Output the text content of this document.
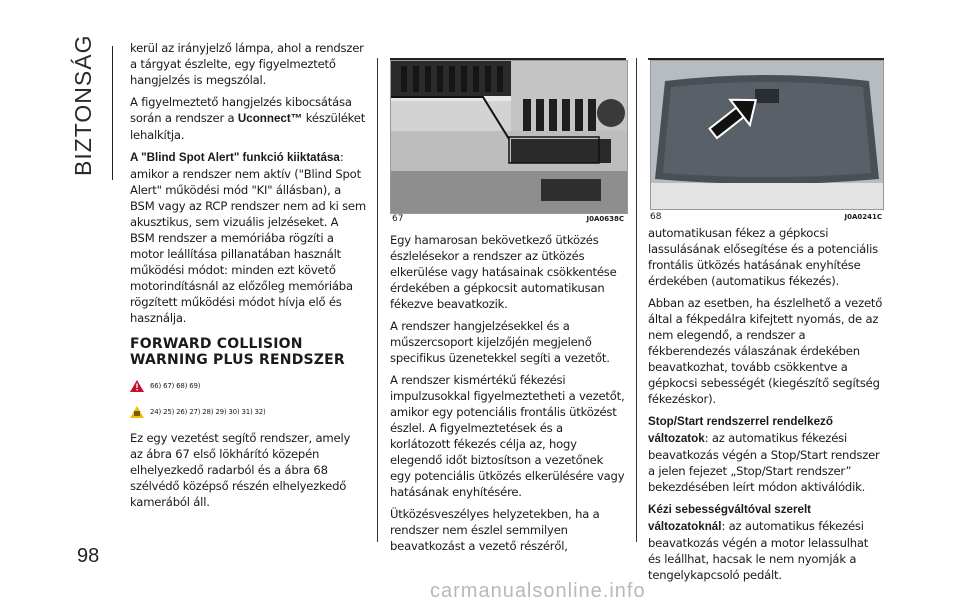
BIZTONSÁG
98

kerül az irányjelző lámpa, ahol a rendszer a tárgyat észlelte, egy figyelmeztető hangjelzés is megszólal.

A figyelmeztető hangjelzés kibocsátása során a rendszer a Uconnect™ készüléket lehalkítja.

A "Blind Spot Alert" funkció kiiktatása: amikor a rendszer nem aktív ("Blind Spot Alert" működési mód "KI" állásban), a BSM vagy az RCP rendszer nem ad ki sem akusztikus, sem vizuális jelzéseket. A BSM rendszer a memóriába rögzíti a motor leállítása pillanatában használt működési módot: minden ezt követő motorindításnál az előzőleg memóriába rögzített működési módot hívja elő és használja.

FORWARD COLLISION WARNING PLUS RENDSZER
66) 67) 68) 69)
24) 25) 26) 27) 28) 29) 30) 31) 32)

Ez egy vezetést segítő rendszer, amely az ábra 67 első lökhárító közepén elhelyezkedő radarból és a ábra 68 szélvédő középső részén elhelyezkedő kamerából áll.

67	J0A0638C	68	J0A0241C

Egy hamarosan bekövetkező ütközés észlelésekor a rendszer az ütközés elkerülése vagy hatásainak csökkentése érdekében a gépkocsit automatikusan fékezve beavatkozik.

A rendszer hangjelzésekkel és a műszercsoport kijelzőjén megjelenő specifikus üzenetekkel segíti a vezetőt.

A rendszer kismértékű fékezési impulzusokkal figyelmeztetheti a vezetőt, amikor egy potenciális frontális ütközést észlel. A figyelmeztetések és a korlátozott fékezés célja az, hogy elegendő időt biztosítson a vezetőnek egy potenciális ütközés elkerülésére vagy hatásának enyhítésére.

Ütközésveszélyes helyzetekben, ha a rendszer nem észlel semmilyen beavatkozást a vezető részéről,

automatikusan fékez a gépkocsi lassulásának elősegítése és a potenciális frontális ütközés hatásának enyhítése érdekében (automatikus fékezés).

Abban az esetben, ha észlelhető a vezető által a fékpedálra kifejtett nyomás, de az nem elegendő, a rendszer a fékberendezés válaszának érdekében beavatkozhat, tovább csökkentve a gépkocsi sebességét (kiegészítő segítség fékezéskor).

Stop/Start rendszerrel rendelkező változatok: az automatikus fékezési beavatkozás végén a Stop/Start rendszer a jelen fejezet „Stop/Start rendszer” bekezdésében leírt módon aktiválódik.

Kézi sebességváltóval szerelt változatoknál: az automatikus fékezési beavatkozás végén a motor lelassulhat és leállhat, hacsak le nem nyomják a tengelykapcsoló pedált.

carmanualsonline.info
